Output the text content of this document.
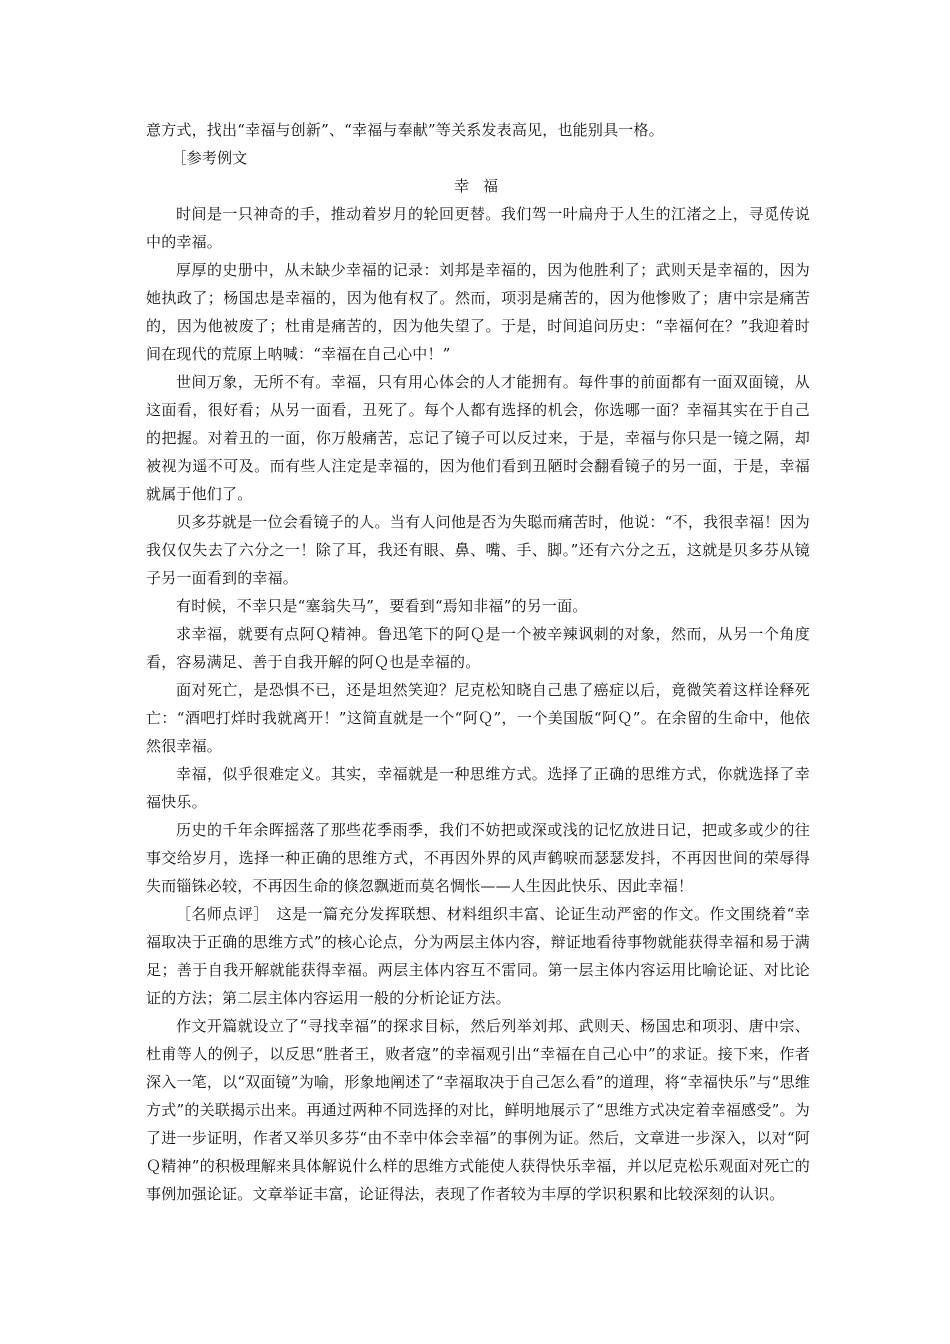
意方式，找出“幸福与创新”、“幸福与奉献”等关系发表高见，也能别具一格。

［参考例文

幸福

时间是一只神奇的手，推动着岁月的轮回更替。我们驾一叶扁舟于人生的江渚之上，寻觅传说中的幸福。

厚厚的史册中，从未缺少幸福的记录：刘邦是幸福的，因为他胜利了；武则天是幸福的，因为她执政了；杨国忠是幸福的，因为他有权了。然而，项羽是痛苦的，因为他惨败了；唐中宗是痛苦的，因为他被废了；杜甫是痛苦的，因为他失望了。于是，时间追问历史：“幸福何在？”我迎着时间在现代的荒原上呐喊：“幸福在自己心中！”

世间万象，无所不有。幸福，只有用心体会的人才能拥有。每件事的前面都有一面双面镜，从这面看，很好看；从另一面看，丑死了。每个人都有选择的机会，你选哪一面？幸福其实在于自己的把握。对着丑的一面，你万般痛苦，忘记了镜子可以反过来，于是，幸福与你只是一镜之隔，却被视为遥不可及。而有些人注定是幸福的，因为他们看到丑陋时会翻看镜子的另一面，于是，幸福就属于他们了。

贝多芬就是一位会看镜子的人。当有人问他是否为失聪而痛苦时，他说：“不，我很幸福！因为我仅仅失去了六分之一！除了耳，我还有眼、鼻、嘴、手、脚。”还有六分之五，这就是贝多芬从镜子另一面看到的幸福。

有时候，不幸只是“塞翁失马”，要看到“焉知非福”的另一面。

求幸福，就要有点阿Ｑ精神。鲁迅笔下的阿Ｑ是一个被辛辣讽刺的对象，然而，从另一个角度看，容易满足、善于自我开解的阿Ｑ也是幸福的。

面对死亡，是恐惧不已，还是坦然笑迎？尼克松知晓自己患了癌症以后，竟微笑着这样诠释死亡：“酒吧打烊时我就离开！”这简直就是一个“阿Ｑ”，一个美国版“阿Ｑ”。在余留的生命中，他依然很幸福。

幸福，似乎很难定义。其实，幸福就是一种思维方式。选择了正确的思维方式，你就选择了幸福快乐。

历史的千年余晖摇落了那些花季雨季，我们不妨把或深或浅的记忆放进日记，把或多或少的往事交给岁月，选择一种正确的思维方式，不再因外界的风声鹤唳而瑟瑟发抖，不再因世间的荣辱得失而锱铢必较，不再因生命的倏忽飘逝而莫名惆怅——人生因此快乐、因此幸福！

［名师点评］　这是一篇充分发挥联想、材料组织丰富、论证生动严密的作文。作文围绕着“幸福取决于正确的思维方式”的核心论点，分为两层主体内容，辩证地看待事物就能获得幸福和易于满足；善于自我开解就能获得幸福。两层主体内容互不雷同。第一层主体内容运用比喻论证、对比论证的方法；第二层主体内容运用一般的分析论证方法。

作文开篇就设立了“寻找幸福”的探求目标，然后列举刘邦、武则天、杨国忠和项羽、唐中宗、杜甫等人的例子，以反思“胜者王，败者寇”的幸福观引出“幸福在自己心中”的求证。接下来，作者深入一笔，以“双面镜”为喻，形象地阐述了“幸福取决于自己怎么看”的道理，将“幸福快乐”与“思维方式”的关联揭示出来。再通过两种不同选择的对比，鲜明地展示了“思维方式决定着幸福感受”。为了进一步证明，作者又举贝多芬“由不幸中体会幸福”的事例为证。然后，文章进一步深入，以对“阿Ｑ精神”的积极理解来具体解说什么样的思维方式能使人获得快乐幸福，并以尼克松乐观面对死亡的事例加强论证。文章举证丰富，论证得法，表现了作者较为丰厚的学识积累和比较深刻的认识。
